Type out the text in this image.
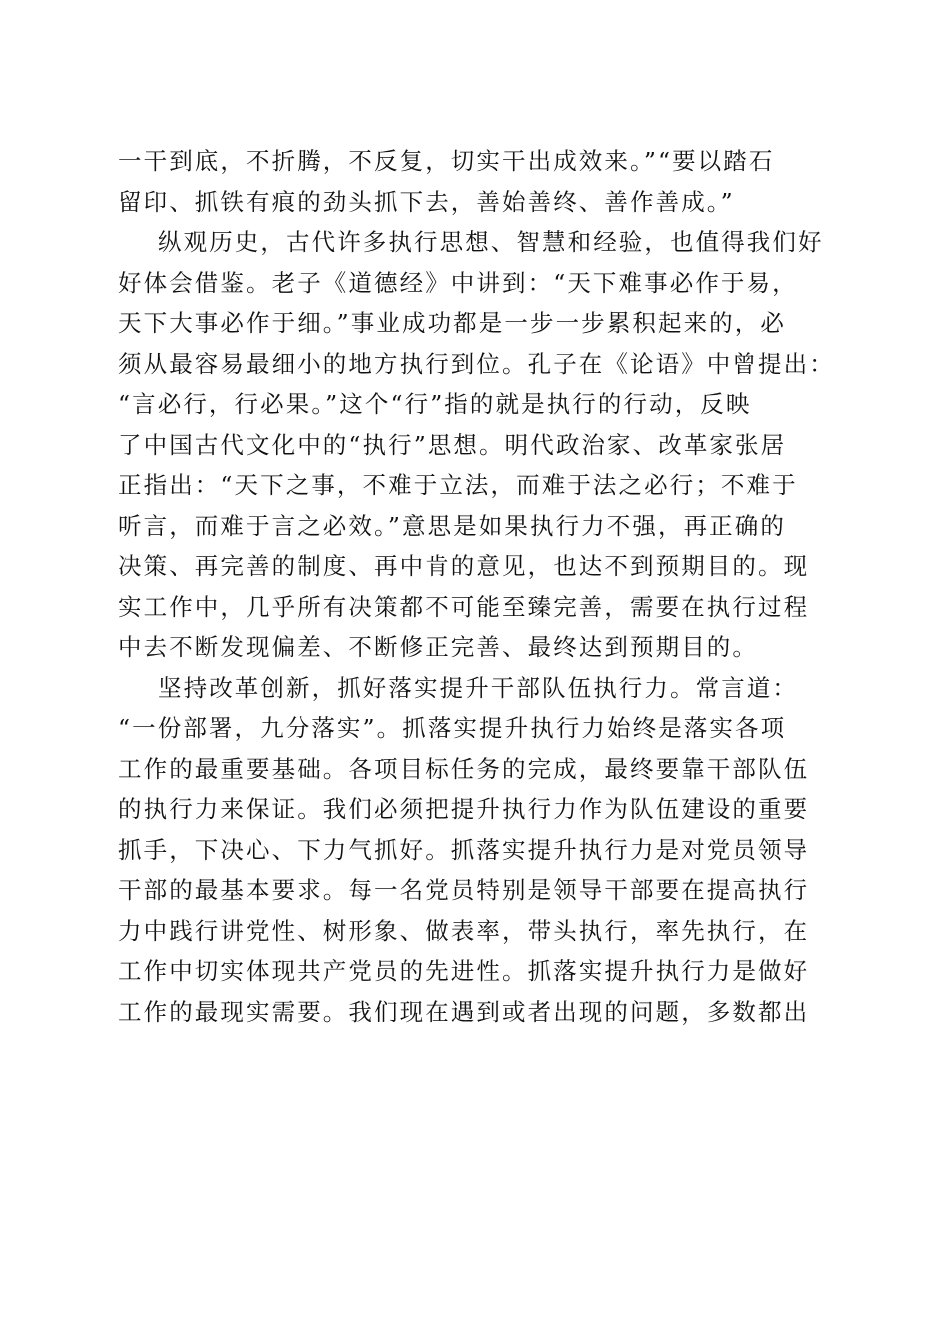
一干到底，不折腾，不反复，切实干出成效来。”“要以踏石
留印、抓铁有痕的劲头抓下去，善始善终、善作善成。”
纵观历史，古代许多执行思想、智慧和经验，也值得我们好
好体会借鉴。老子《道德经》中讲到：“天下难事必作于易，
天下大事必作于细。”事业成功都是一步一步累积起来的，必
须从最容易最细小的地方执行到位。孔子在《论语》中曾提出：
“言必行，行必果。”这个“行”指的就是执行的行动，反映
了中国古代文化中的“执行”思想。明代政治家、改革家张居
正指出：“天下之事，不难于立法，而难于法之必行；不难于
听言，而难于言之必效。”意思是如果执行力不强，再正确的
决策、再完善的制度、再中肯的意见，也达不到预期目的。现
实工作中，几乎所有决策都不可能至臻完善，需要在执行过程
中去不断发现偏差、不断修正完善、最终达到预期目的。
坚持改革创新，抓好落实提升干部队伍执行力。常言道：
“一份部署，九分落实”。抓落实提升执行力始终是落实各项
工作的最重要基础。各项目标任务的完成，最终要靠干部队伍
的执行力来保证。我们必须把提升执行力作为队伍建设的重要
抓手，下决心、下力气抓好。抓落实提升执行力是对党员领导
干部的最基本要求。每一名党员特别是领导干部要在提高执行
力中践行讲党性、树形象、做表率，带头执行，率先执行，在
工作中切实体现共产党员的先进性。抓落实提升执行力是做好
工作的最现实需要。我们现在遇到或者出现的问题，多数都出
